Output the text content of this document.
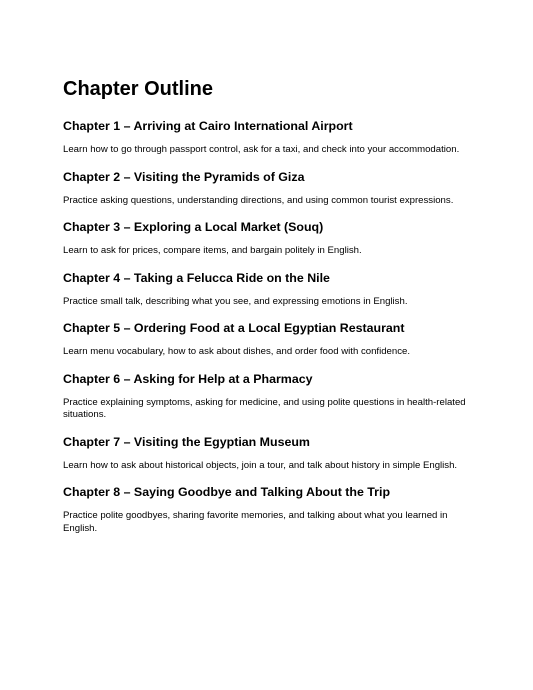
Chapter Outline
Chapter 1 – Arriving at Cairo International Airport

Learn how to go through passport control, ask for a taxi, and check into your accommodation.

Chapter 2 – Visiting the Pyramids of Giza

Practice asking questions, understanding directions, and using common tourist expressions.

Chapter 3 – Exploring a Local Market (Souq)

Learn to ask for prices, compare items, and bargain politely in English.

Chapter 4 – Taking a Felucca Ride on the Nile

Practice small talk, describing what you see, and expressing emotions in English.

Chapter 5 – Ordering Food at a Local Egyptian Restaurant

Learn menu vocabulary, how to ask about dishes, and order food with confidence.

Chapter 6 – Asking for Help at a Pharmacy

Practice explaining symptoms, asking for medicine, and using polite questions in health-related situations.

Chapter 7 – Visiting the Egyptian Museum

Learn how to ask about historical objects, join a tour, and talk about history in simple English.

Chapter 8 – Saying Goodbye and Talking About the Trip

Practice polite goodbyes, sharing favorite memories, and talking about what you learned in English.
